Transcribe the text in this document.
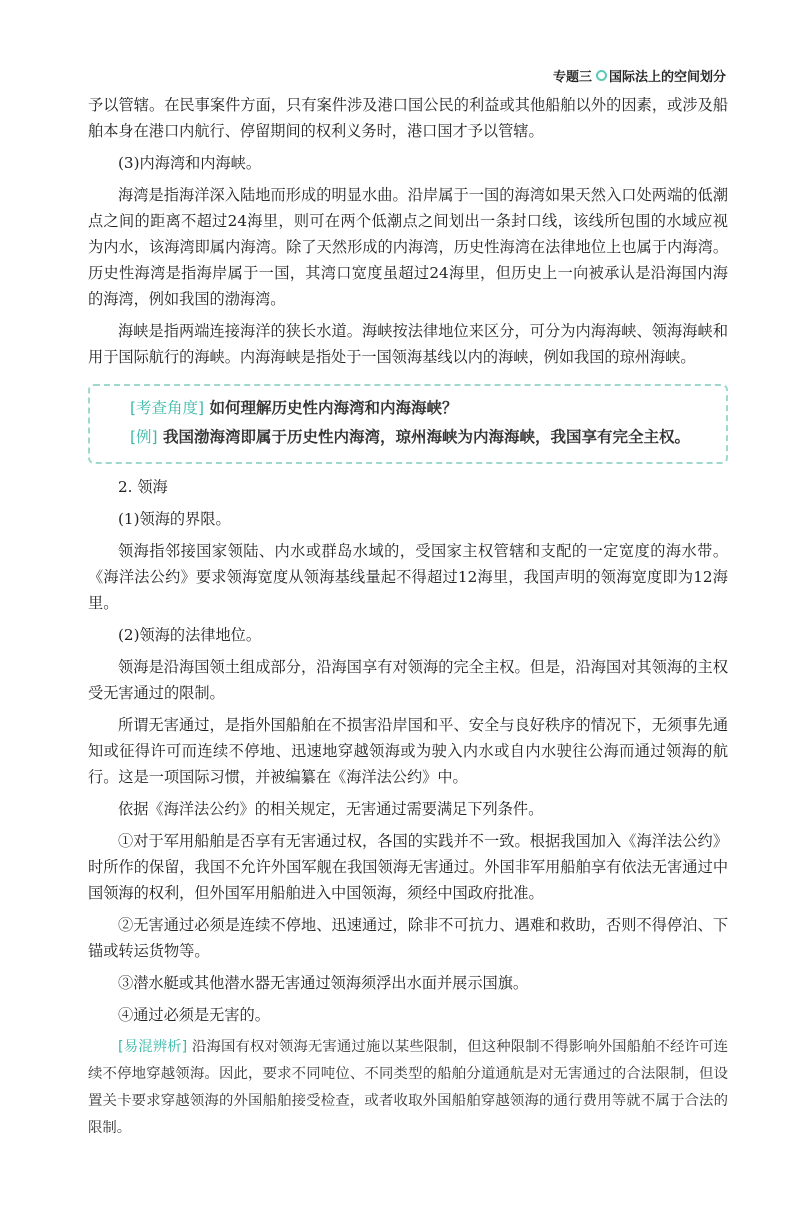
专题三 国际法上的空间划分

予以管辖。在民事案件方面，只有案件涉及港口国公民的利益或其他船舶以外的因素，或涉及船舶本身在港口内航行、停留期间的权利义务时，港口国才予以管辖。

(3)内海湾和内海峡。

海湾是指海洋深入陆地而形成的明显水曲。沿岸属于一国的海湾如果天然入口处两端的低潮点之间的距离不超过24海里，则可在两个低潮点之间划出一条封口线，该线所包围的水域应视为内水，该海湾即属内海湾。除了天然形成的内海湾，历史性海湾在法律地位上也属于内海湾。历史性海湾是指海岸属于一国，其湾口宽度虽超过24海里，但历史上一向被承认是沿海国内海的海湾，例如我国的渤海湾。

海峡是指两端连接海洋的狭长水道。海峡按法律地位来区分，可分为内海海峡、领海海峡和用于国际航行的海峡。内海海峡是指处于一国领海基线以内的海峡，例如我国的琼州海峡。

[考查角度] 如何理解历史性内海湾和内海海峡？
[例] 我国渤海湾即属于历史性内海湾，琼州海峡为内海海峡，我国享有完全主权。

2. 领海

(1)领海的界限。

领海指邻接国家领陆、内水或群岛水域的，受国家主权管辖和支配的一定宽度的海水带。《海洋法公约》要求领海宽度从领海基线量起不得超过12海里，我国声明的领海宽度即为12海里。

(2)领海的法律地位。

领海是沿海国领土组成部分，沿海国享有对领海的完全主权。但是，沿海国对其领海的主权受无害通过的限制。

所谓无害通过，是指外国船舶在不损害沿岸国和平、安全与良好秩序的情况下，无须事先通知或征得许可而连续不停地、迅速地穿越领海或为驶入内水或自内水驶往公海而通过领海的航行。这是一项国际习惯，并被编纂在《海洋法公约》中。

依据《海洋法公约》的相关规定，无害通过需要满足下列条件。

①对于军用船舶是否享有无害通过权，各国的实践并不一致。根据我国加入《海洋法公约》时所作的保留，我国不允许外国军舰在我国领海无害通过。外国非军用船舶享有依法无害通过中国领海的权利，但外国军用船舶进入中国领海，须经中国政府批准。

②无害通过必须是连续不停地、迅速通过，除非不可抗力、遇难和救助，否则不得停泊、下锚或转运货物等。

③潜水艇或其他潜水器无害通过领海须浮出水面并展示国旗。

④通过必须是无害的。

[易混辨析] 沿海国有权对领海无害通过施以某些限制，但这种限制不得影响外国船舶不经许可连续不停地穿越领海。因此，要求不同吨位、不同类型的船舶分道通航是对无害通过的合法限制，但设置关卡要求穿越领海的外国船舶接受检查，或者收取外国船舶穿越领海的通行费用等就不属于合法的限制。
